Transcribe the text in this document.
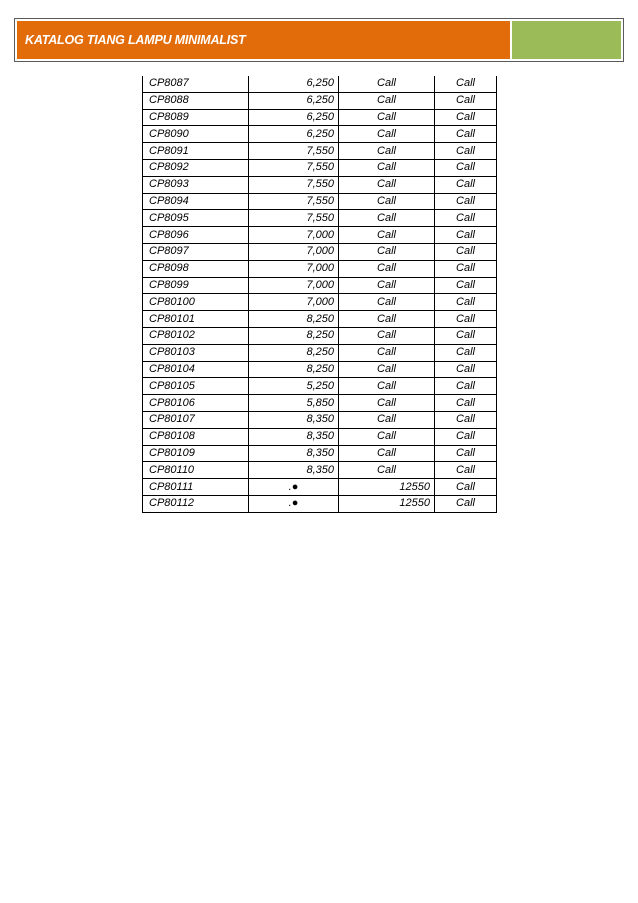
KATALOG TIANG LAMPU MINIMALIST
CP8087	6,250	Call	Call
CP8088	6,250	Call	Call
CP8089	6,250	Call	Call
CP8090	6,250	Call	Call
CP8091	7,550	Call	Call
CP8092	7,550	Call	Call
CP8093	7,550	Call	Call
CP8094	7,550	Call	Call
CP8095	7,550	Call	Call
CP8096	7,000	Call	Call
CP8097	7,000	Call	Call
CP8098	7,000	Call	Call
CP8099	7,000	Call	Call
CP80100	7,000	Call	Call
CP80101	8,250	Call	Call
CP80102	8,250	Call	Call
CP80103	8,250	Call	Call
CP80104	8,250	Call	Call
CP80105	5,250	Call	Call
CP80106	5,850	Call	Call
CP80107	8,350	Call	Call
CP80108	8,350	Call	Call
CP80109	8,350	Call	Call
CP80110	8,350	Call	Call
CP80111	.●	12550	Call
CP80112	.●	12550	Call
